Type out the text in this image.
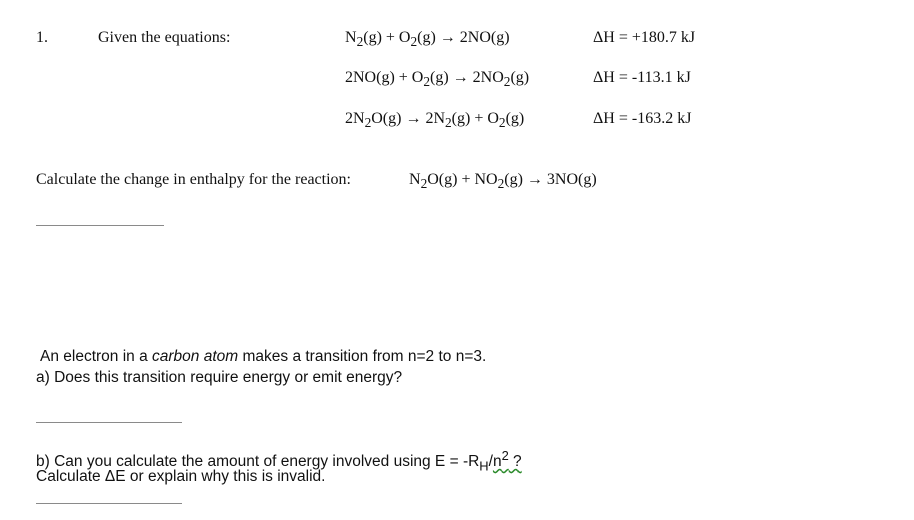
1.	Given the equations:	$N_2(g) + O_2(g) \to 2NO(g)$	ΔH = +180.7 kJ
$2NO(g) + O_2(g) \to 2NO_2(g)$	ΔH = -113.1 kJ
$2N_2O(g) \to 2N_2(g) + O_2(g)$	ΔH = -163.2 kJ
Calculate the change in enthalpy for the reaction:	$N_2O(g) + NO_2(g) \to 3NO(g)$
An electron in a carbon atom makes a transition from n=2 to n=3.
a) Does this transition require energy or emit energy?
b) Can you calculate the amount of energy involved using $E = -R_H/n^2$ ?
Calculate ΔE or explain why this is invalid.
